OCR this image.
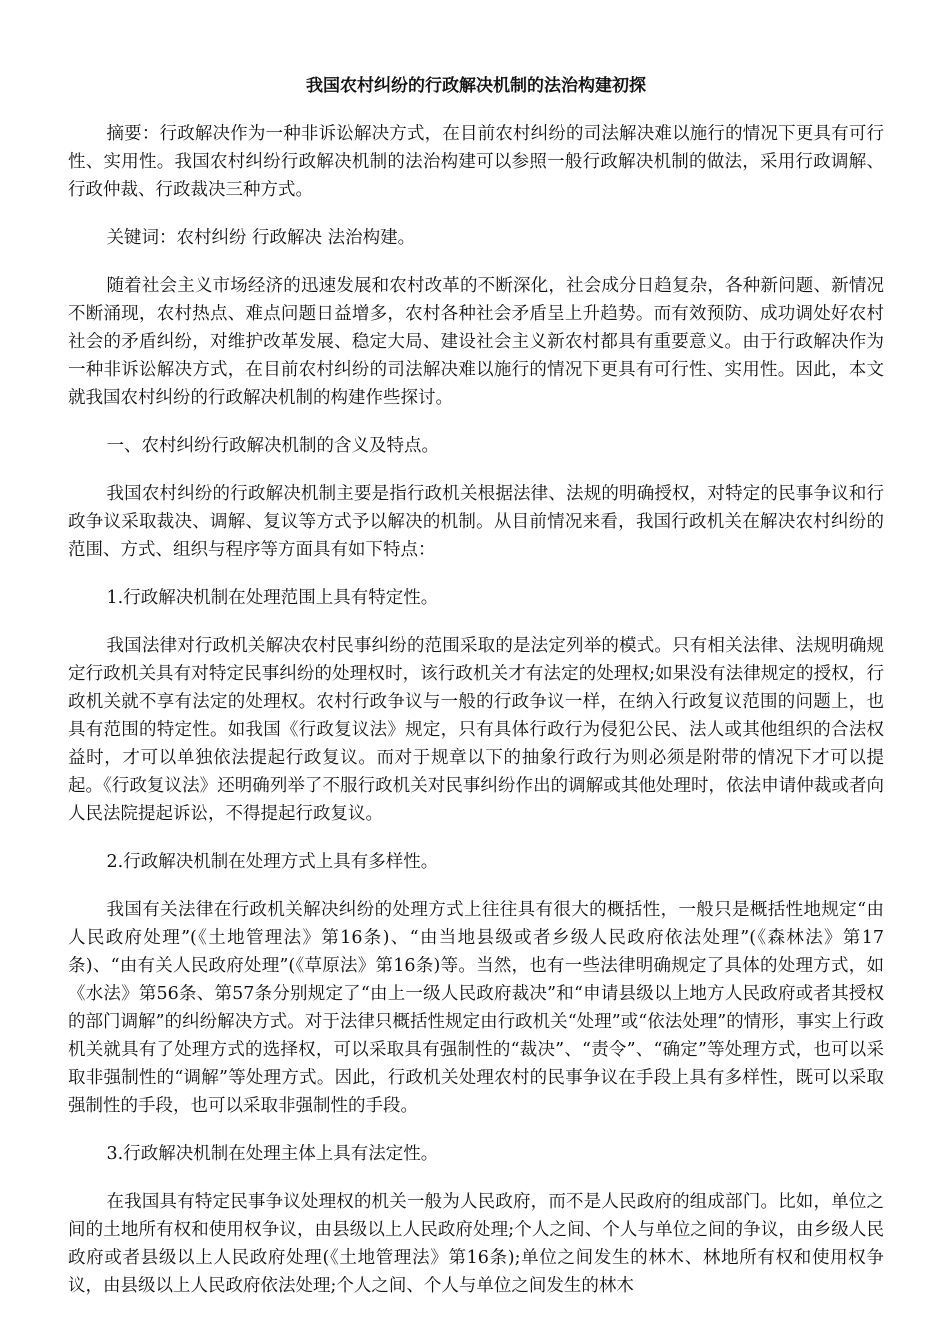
我国农村纠纷的行政解决机制的法治构建初探

摘要：行政解决作为一种非诉讼解决方式，在目前农村纠纷的司法解决难以施行的情况下更具有可行性、实用性。我国农村纠纷行政解决机制的法治构建可以参照一般行政解决机制的做法，采用行政调解、行政仲裁、行政裁决三种方式。

关键词：农村纠纷 行政解决 法治构建。

随着社会主义市场经济的迅速发展和农村改革的不断深化，社会成分日趋复杂，各种新问题、新情况不断涌现，农村热点、难点问题日益增多，农村各种社会矛盾呈上升趋势。而有效预防、成功调处好农村社会的矛盾纠纷，对维护改革发展、稳定大局、建设社会主义新农村都具有重要意义。由于行政解决作为一种非诉讼解决方式，在目前农村纠纷的司法解决难以施行的情况下更具有可行性、实用性。因此，本文就我国农村纠纷的行政解决机制的构建作些探讨。

一、农村纠纷行政解决机制的含义及特点。

我国农村纠纷的行政解决机制主要是指行政机关根据法律、法规的明确授权，对特定的民事争议和行政争议采取裁决、调解、复议等方式予以解决的机制。从目前情况来看，我国行政机关在解决农村纠纷的范围、方式、组织与程序等方面具有如下特点：

1.行政解决机制在处理范围上具有特定性。

我国法律对行政机关解决农村民事纠纷的范围采取的是法定列举的模式。只有相关法律、法规明确规定行政机关具有对特定民事纠纷的处理权时，该行政机关才有法定的处理权;如果没有法律规定的授权，行政机关就不享有法定的处理权。农村行政争议与一般的行政争议一样，在纳入行政复议范围的问题上，也具有范围的特定性。如我国《行政复议法》规定，只有具体行政行为侵犯公民、法人或其他组织的合法权益时，才可以单独依法提起行政复议。而对于规章以下的抽象行政行为则必须是附带的情况下才可以提起。《行政复议法》还明确列举了不服行政机关对民事纠纷作出的调解或其他处理时，依法申请仲裁或者向人民法院提起诉讼，不得提起行政复议。

2.行政解决机制在处理方式上具有多样性。

我国有关法律在行政机关解决纠纷的处理方式上往往具有很大的概括性，一般只是概括性地规定“由人民政府处理”(《土地管理法》第16条)、“由当地县级或者乡级人民政府依法处理”(《森林法》第17条)、“由有关人民政府处理”(《草原法》第16条)等。当然，也有一些法律明确规定了具体的处理方式，如《水法》第56条、第57条分别规定了“由上一级人民政府裁决”和“申请县级以上地方人民政府或者其授权的部门调解”的纠纷解决方式。对于法律只概括性规定由行政机关“处理”或“依法处理”的情形，事实上行政机关就具有了处理方式的选择权，可以采取具有强制性的“裁决”、“责令”、“确定”等处理方式，也可以采取非强制性的“调解”等处理方式。因此，行政机关处理农村的民事争议在手段上具有多样性，既可以采取强制性的手段，也可以采取非强制性的手段。

3.行政解决机制在处理主体上具有法定性。

在我国具有特定民事争议处理权的机关一般为人民政府，而不是人民政府的组成部门。比如，单位之间的土地所有权和使用权争议，由县级以上人民政府处理;个人之间、个人与单位之间的争议，由乡级人民政府或者县级以上人民政府处理(《土地管理法》第16条);单位之间发生的林木、林地所有权和使用权争议，由县级以上人民政府依法处理;个人之间、个人与单位之间发生的林木
